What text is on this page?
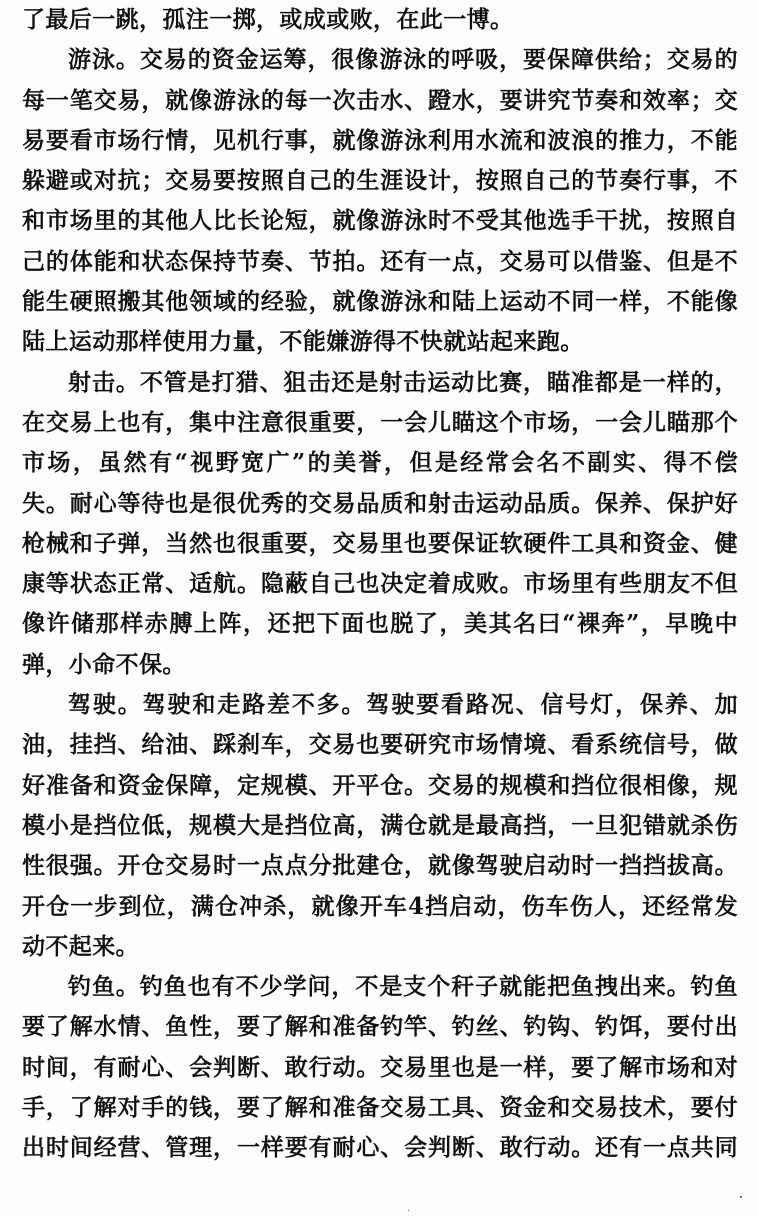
了最后一跳，孤注一掷，或成或败，在此一博。
游泳。交易的资金运筹，很像游泳的呼吸，要保障供给；交易的
每一笔交易，就像游泳的每一次击水、蹬水，要讲究节奏和效率；交
易要看市场行情，见机行事，就像游泳利用水流和波浪的推力，不能
躲避或对抗；交易要按照自己的生涯设计，按照自己的节奏行事，不
和市场里的其他人比长论短，就像游泳时不受其他选手干扰，按照自
己的体能和状态保持节奏、节拍。还有一点，交易可以借鉴、但是不
能生硬照搬其他领域的经验，就像游泳和陆上运动不同一样，不能像
陆上运动那样使用力量，不能嫌游得不快就站起来跑。
射击。不管是打猎、狙击还是射击运动比赛，瞄准都是一样的，
在交易上也有，集中注意很重要，一会儿瞄这个市场，一会儿瞄那个
市场，虽然有“视野宽广”的美誉，但是经常会名不副实、得不偿
失。耐心等待也是很优秀的交易品质和射击运动品质。保养、保护好
枪械和子弹，当然也很重要，交易里也要保证软硬件工具和资金、健
康等状态正常、适航。隐蔽自己也决定着成败。市场里有些朋友不但
像许储那样赤膊上阵，还把下面也脱了，美其名曰“裸奔”，早晚中
弹，小命不保。
驾驶。驾驶和走路差不多。驾驶要看路况、信号灯，保养、加
油，挂挡、给油、踩刹车，交易也要研究市场情境、看系统信号，做
好准备和资金保障，定规模、开平仓。交易的规模和挡位很相像，规
模小是挡位低，规模大是挡位高，满仓就是最高挡，一旦犯错就杀伤
性很强。开仓交易时一点点分批建仓，就像驾驶启动时一挡挡拔高。
开仓一步到位，满仓冲杀，就像开车4挡启动，伤车伤人，还经常发
动不起来。
钓鱼。钓鱼也有不少学问，不是支个秆子就能把鱼拽出来。钓鱼
要了解水情、鱼性，要了解和准备钓竿、钓丝、钓钩、钓饵，要付出
时间，有耐心、会判断、敢行动。交易里也是一样，要了解市场和对
手，了解对手的钱，要了解和准备交易工具、资金和交易技术，要付
出时间经营、管理，一样要有耐心、会判断、敢行动。还有一点共同
